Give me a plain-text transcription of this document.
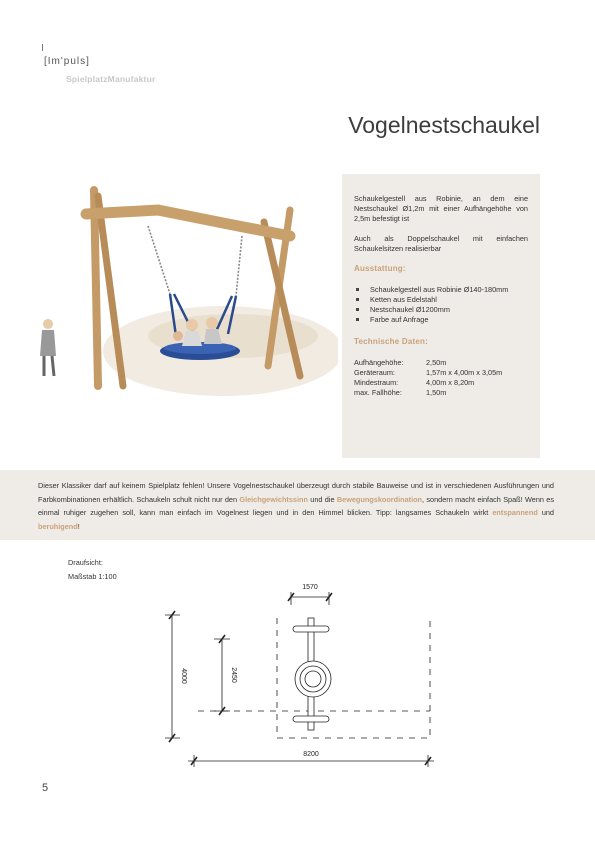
[Im'puls]
SpielplatzManufaktur
Vogelnestschaukel

Schaukelgestell aus Robinie, an dem eine Nestschaukel Ø1,2m mit einer Aufhängehöhe von 2,5m befestigt ist

Auch als Doppelschaukel mit einfachen Schaukelsitzen realisierbar

Ausstattung:
Schaukelgestell aus Robinie Ø140-180mm
Ketten aus Edelstahl
Nestschaukel Ø1200mm
Farbe auf Anfrage
Technische Daten:
Aufhängehöhe:	2,50m
Geräteraum:	1,57m x 4,00m x 3,05m
Mindestraum:	4,00m x 8,20m
max. Fallhöhe:	1,50m
Dieser Klassiker darf auf keinem Spielplatz fehlen! Unsere Vogelnestschaukel überzeugt durch stabile Bauweise und ist in verschiedenen Ausführungen und Farbkombinationen erhältlich. Schaukeln schult nicht nur den Gleichgewichtssinn und die Bewegungskoordination, sondern macht einfach Spaß! Wenn es einmal ruhiger zugehen soll, kann man einfach im Vogelnest liegen und in den Himmel blicken. Tipp: langsames Schaukeln wirkt entspannend und beruhigend!
Draufsicht:
Maßstab 1:100
1570
4000	2450
8200
5
